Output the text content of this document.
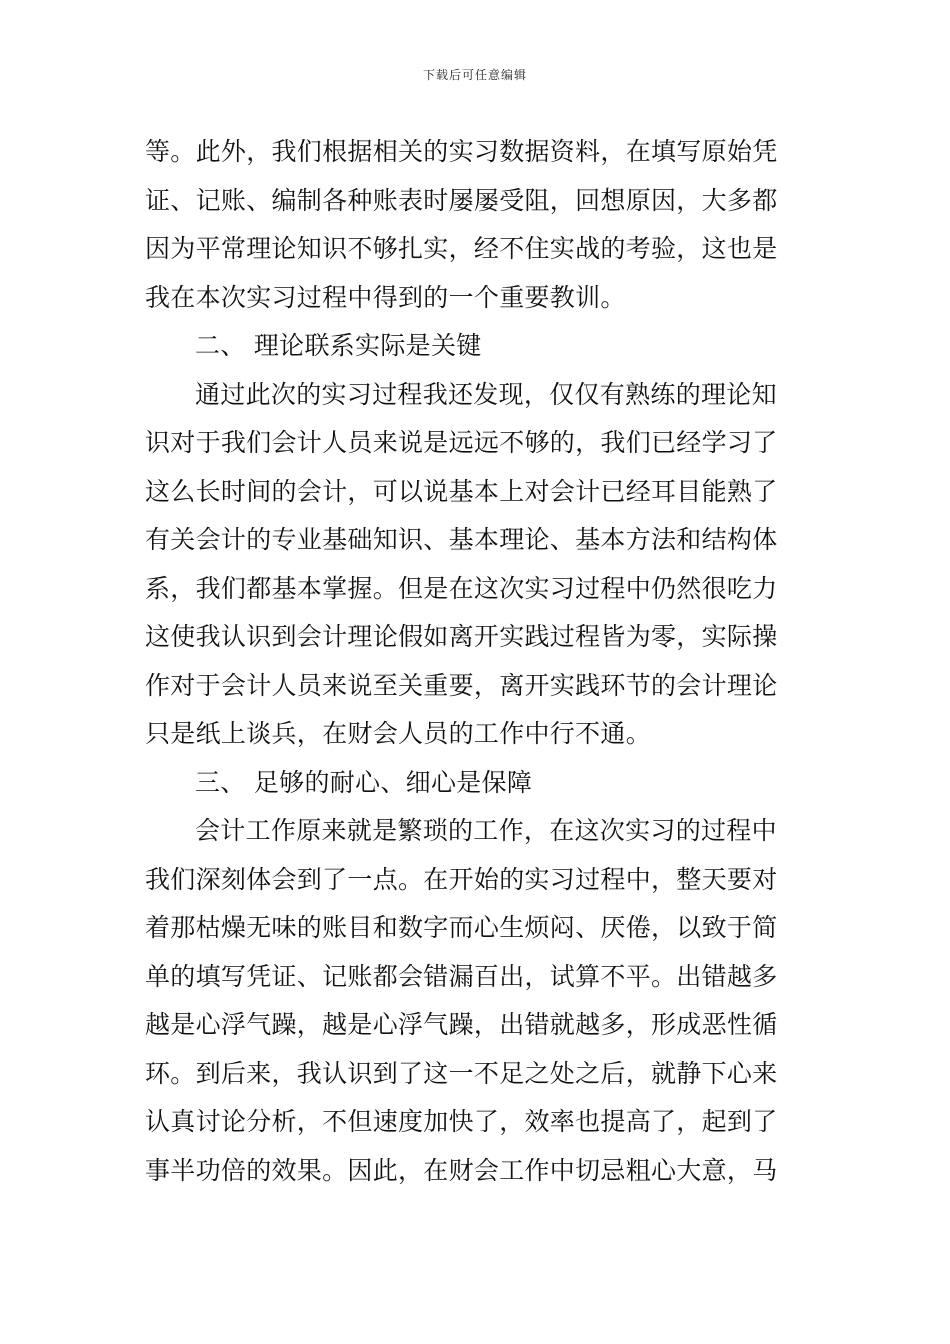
下载后可任意编辑
等。此外，我们根据相关的实习数据资料，在填写原始凭
证、记账、编制各种账表时屡屡受阻，回想原因，大多都
因为平常理论知识不够扎实，经不住实战的考验，这也是
我在本次实习过程中得到的一个重要教训。
二、 理论联系实际是关键
通过此次的实习过程我还发现，仅仅有熟练的理论知
识对于我们会计人员来说是远远不够的，我们已经学习了
这么长时间的会计，可以说基本上对会计已经耳目能熟了
有关会计的专业基础知识、基本理论、基本方法和结构体
系，我们都基本掌握。但是在这次实习过程中仍然很吃力
这使我认识到会计理论假如离开实践过程皆为零，实际操
作对于会计人员来说至关重要，离开实践环节的会计理论
只是纸上谈兵，在财会人员的工作中行不通。
三、 足够的耐心、细心是保障
会计工作原来就是繁琐的工作，在这次实习的过程中
我们深刻体会到了一点。在开始的实习过程中，整天要对
着那枯燥无味的账目和数字而心生烦闷、厌倦，以致于简
单的填写凭证、记账都会错漏百出，试算不平。出错越多
越是心浮气躁，越是心浮气躁，出错就越多，形成恶性循
环。到后来，我认识到了这一不足之处之后，就静下心来
认真讨论分析，不但速度加快了，效率也提高了，起到了
事半功倍的效果。因此，在财会工作中切忌粗心大意，马
